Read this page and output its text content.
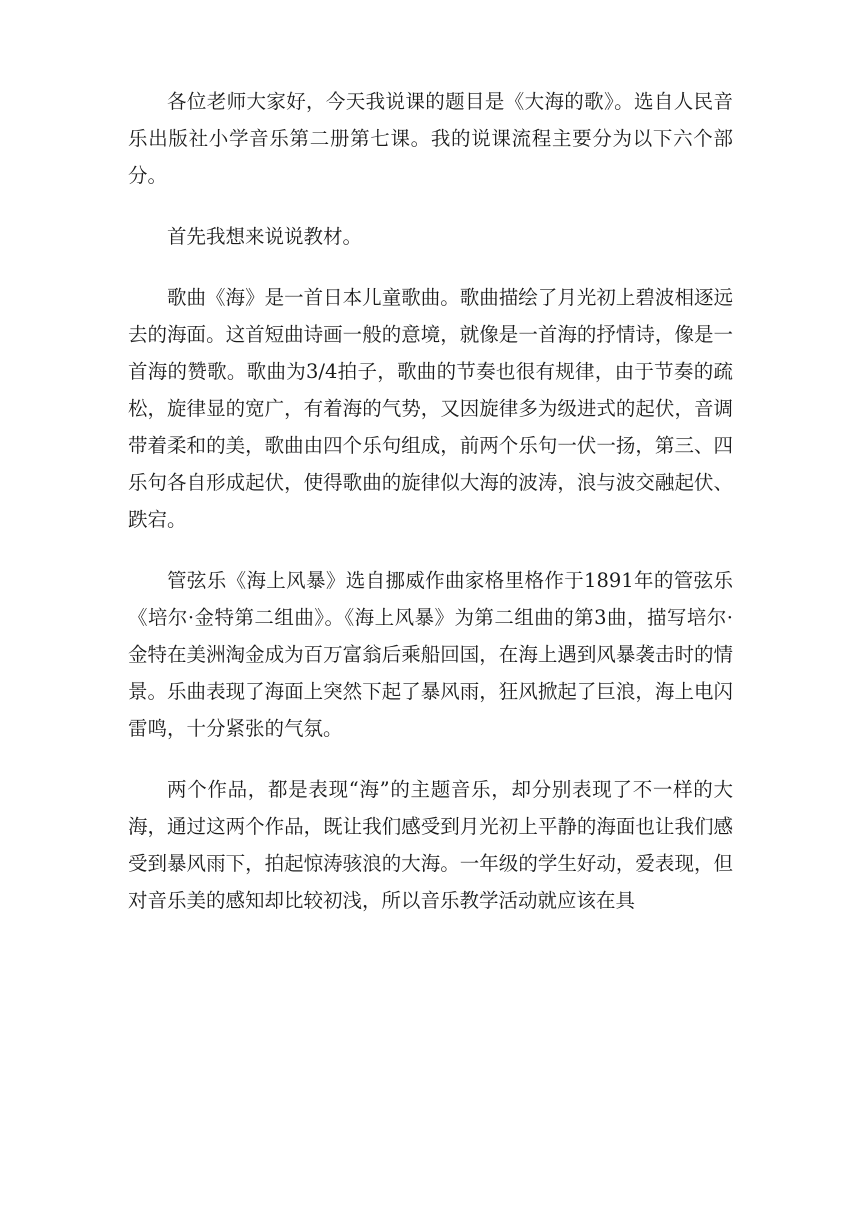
各位老师大家好，今天我说课的题目是《大海的歌》。选自人民音乐出版社小学音乐第二册第七课。我的说课流程主要分为以下六个部分。

首先我想来说说教材。

歌曲《海》是一首日本儿童歌曲。歌曲描绘了月光初上碧波相逐远去的海面。这首短曲诗画一般的意境，就像是一首海的抒情诗，像是一首海的赞歌。歌曲为3/4拍子，歌曲的节奏也很有规律，由于节奏的疏松，旋律显的宽广，有着海的气势，又因旋律多为级进式的起伏，音调带着柔和的美，歌曲由四个乐句组成，前两个乐句一伏一扬，第三、四乐句各自形成起伏，使得歌曲的旋律似大海的波涛，浪与波交融起伏、跌宕。

管弦乐《海上风暴》选自挪威作曲家格里格作于1891年的管弦乐《培尔·金特第二组曲》。《海上风暴》为第二组曲的第3曲，描写培尔·金特在美洲淘金成为百万富翁后乘船回国，在海上遇到风暴袭击时的情景。乐曲表现了海面上突然下起了暴风雨，狂风掀起了巨浪，海上电闪雷鸣，十分紧张的气氛。

两个作品，都是表现“海”的主题音乐，却分别表现了不一样的大海，通过这两个作品，既让我们感受到月光初上平静的海面也让我们感受到暴风雨下，拍起惊涛骇浪的大海。一年级的学生好动，爱表现，但对音乐美的感知却比较初浅，所以音乐教学活动就应该在具
